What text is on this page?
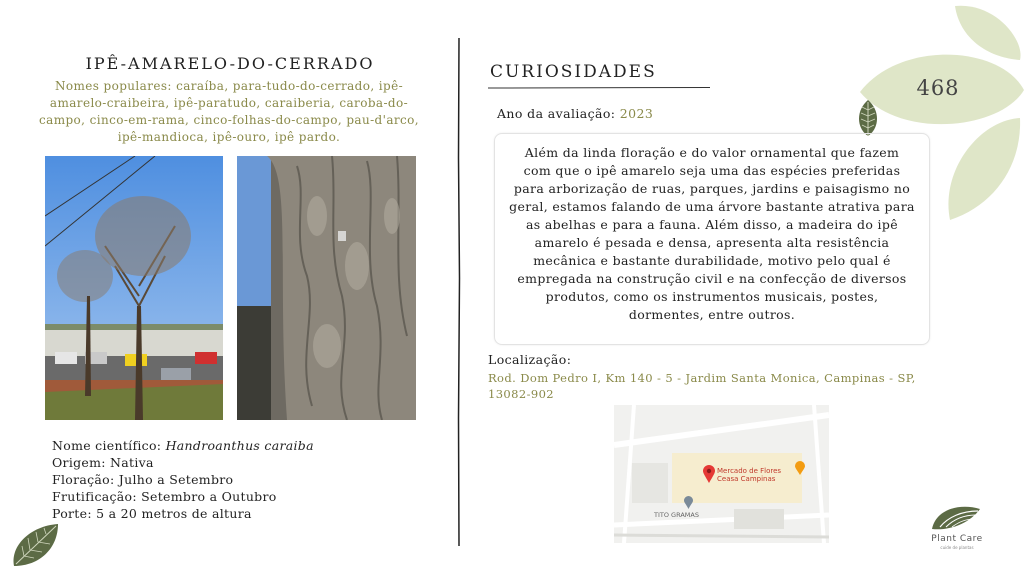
468
IPÊ-AMARELO-DO-CERRADO
Nomes populares: caraíba, para-tudo-do-cerrado, ipê-amarelo-craibeira, ipê-paratudo, caraiberia, caroba-do-campo, cinco-em-rama, cinco-folhas-do-campo, pau-d'arco, ipê-mandioca, ipê-ouro, ipê pardo.
Nome científico: Handroanthus caraiba
Origem: Nativa
Floração: Julho a Setembro
Frutificação: Setembro a Outubro
Porte: 5 a 20 metros de altura
CURIOSIDADES
Ano da avaliação: 2023
Além da linda floração e do valor ornamental que fazem com que o ipê amarelo seja uma das espécies preferidas para arborização de ruas, parques, jardins e paisagismo no geral, estamos falando de uma árvore bastante atrativa para as abelhas e para a fauna. Além disso, a madeira do ipê amarelo é pesada e densa, apresenta alta resistência mecânica e bastante durabilidade, motivo pelo qual é empregada na construção civil e na confecção de diversos produtos, como os instrumentos musicais, postes, dormentes, entre outros.
Localização:
Rod. Dom Pedro I, Km 140 - 5 - Jardim Santa Monica, Campinas - SP, 13082-902
Mercado de Flores
Ceasa Campinas
TITO GRAMAS
Plant Care
cuide de plantas
